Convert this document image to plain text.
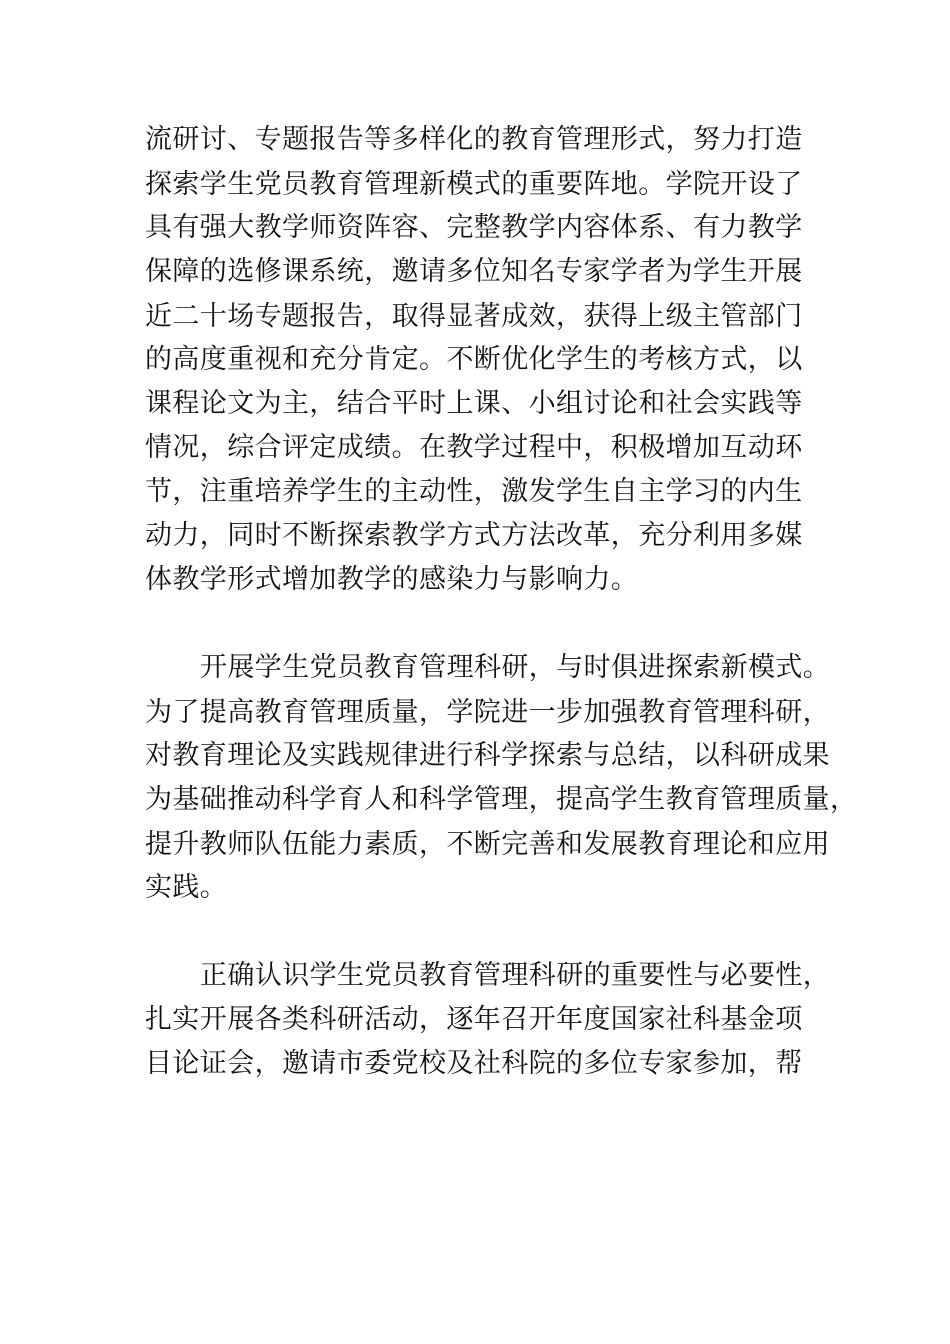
流研讨、专题报告等多样化的教育管理形式，努力打造
探索学生党员教育管理新模式的重要阵地。学院开设了
具有强大教学师资阵容、完整教学内容体系、有力教学
保障的选修课系统，邀请多位知名专家学者为学生开展
近二十场专题报告，取得显著成效，获得上级主管部门
的高度重视和充分肯定。不断优化学生的考核方式，以
课程论文为主，结合平时上课、小组讨论和社会实践等
情况，综合评定成绩。在教学过程中，积极增加互动环
节，注重培养学生的主动性，激发学生自主学习的内生
动力，同时不断探索教学方式方法改革，充分利用多媒
体教学形式增加教学的感染力与影响力。
开展学生党员教育管理科研，与时俱进探索新模式。
为了提高教育管理质量，学院进一步加强教育管理科研，
对教育理论及实践规律进行科学探索与总结，以科研成果
为基础推动科学育人和科学管理，提高学生教育管理质量，
提升教师队伍能力素质，不断完善和发展教育理论和应用
实践。
正确认识学生党员教育管理科研的重要性与必要性，
扎实开展各类科研活动，逐年召开年度国家社科基金项
目论证会，邀请市委党校及社科院的多位专家参加，帮
